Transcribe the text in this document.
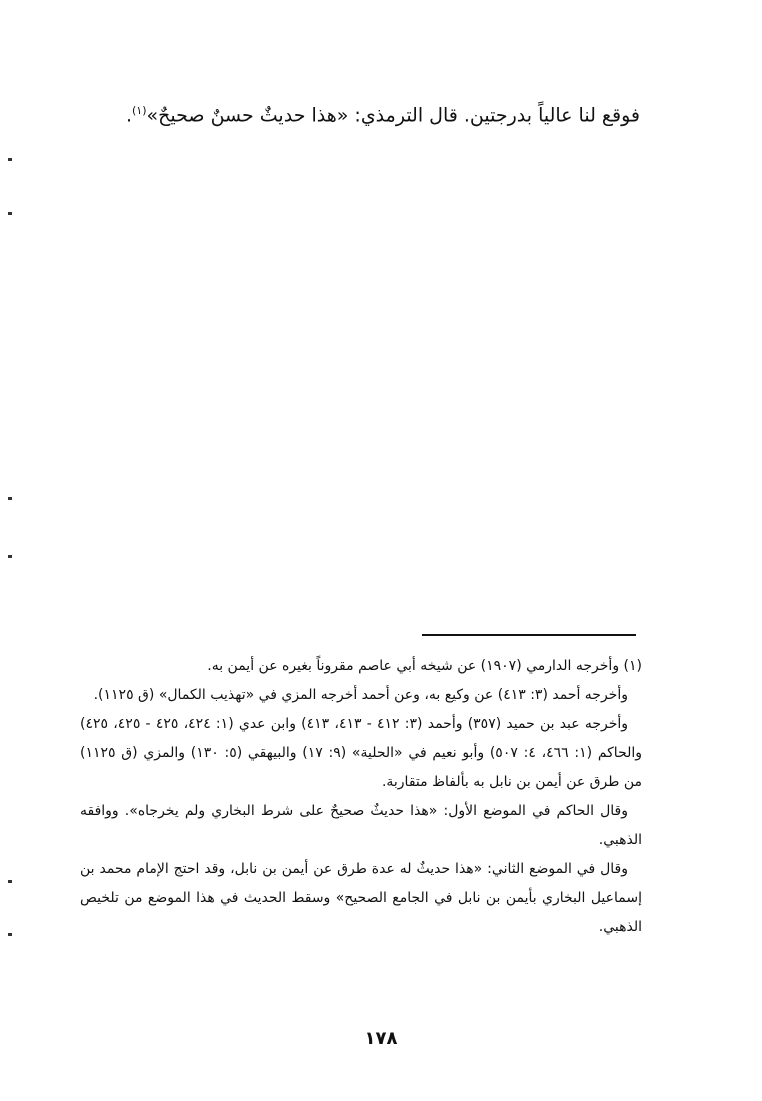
فوقع لنا عالياً بدرجتين. قال الترمذي: «هذا حديثٌ حسنٌ صحيحٌ»$^{(١)}$.

(١) وأخرجه الدارمي (١٩٠٧) عن شيخه أبي عاصم مقروناً بغيره عن أيمن به.

وأخرجه أحمد (٣: ٤١٣) عن وكيع به، وعن أحمد أخرجه المزي في «تهذيب الكمال» (ق ١١٢٥).

وأخرجه عبد بن حميد (٣٥٧) وأحمد (٣: ٤١٢ - ٤١٣، ٤١٣) وابن عدي (١: ٤٢٤، ٤٢٥ - ٤٢٥، ٤٢٥) والحاكم (١: ٤٦٦، ٤: ٥٠٧) وأبو نعيم في «الحلية» (٩: ١٧) والبيهقي (٥: ١٣٠) والمزي (ق ١١٢٥) من طرق عن أيمن بن نابل به بألفاظ متقاربة.

وقال الحاكم في الموضع الأول: «هذا حديثٌ صحيحٌ على شرط البخاري ولم يخرجاه». ووافقه الذهبي.

وقال في الموضع الثاني: «هذا حديثٌ له عدة طرق عن أيمن بن نابل، وقد احتج الإمام محمد بن إسماعيل البخاري بأيمن بن نابل في الجامع الصحيح» وسقط الحديث في هذا الموضع من تلخيص الذهبي.

١٧٨
